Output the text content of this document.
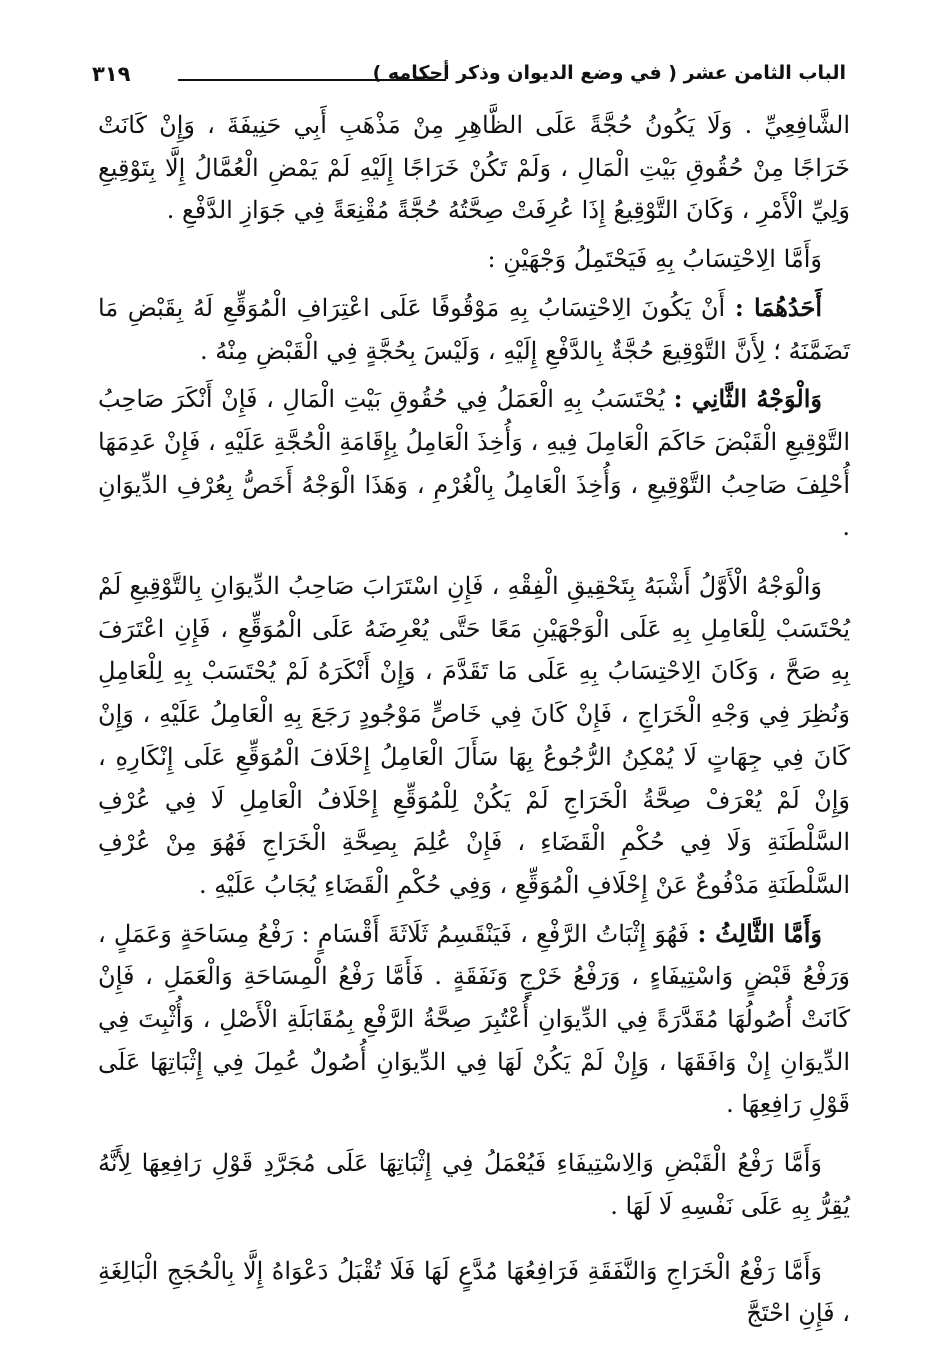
الباب الثامن عشر ( في وضع الديوان وذكر أحكامه )
٣١٩

الشَّافِعِيِّ . وَلَا يَكُونُ حُجَّةً عَلَى الظَّاهِرِ مِنْ مَذْهَبِ أَبِي حَنِيفَةَ ، وَإِنْ كَانَتْ خَرَاجًا مِنْ حُقُوقِ بَيْتِ الْمَالِ ، وَلَمْ تَكُنْ خَرَاجًا إِلَيْهِ لَمْ يَمْضِ الْعُمَّالُ إِلَّا بِتَوْقِيعِ وَلِيِّ الْأَمْرِ ، وَكَانَ التَّوْقِيعُ إِذَا عُرِفَتْ صِحَّتُهُ حُجَّةً مُقْنِعَةً فِي جَوَازِ الدَّفْعِ .

وَأَمَّا الِاحْتِسَابُ بِهِ فَيَحْتَمِلُ وَجْهَيْنِ :

أَحَدُهُمَا : أَنْ يَكُونَ الِاحْتِسَابُ بِهِ مَوْقُوفًا عَلَى اعْتِرَافِ الْمُوَقِّعِ لَهُ بِقَبْضِ مَا تَضَمَّنَهُ ؛ لِأَنَّ التَّوْقِيعَ حُجَّةٌ بِالدَّفْعِ إِلَيْهِ ، وَلَيْسَ بِحُجَّةٍ فِي الْقَبْضِ مِنْهُ .

وَالْوَجْهُ الثَّانِي : يُحْتَسَبُ بِهِ الْعَمَلُ فِي حُقُوقِ بَيْتِ الْمَالِ ، فَإِنْ أَنْكَرَ صَاحِبُ التَّوْقِيعِ الْقَبْضَ حَاكَمَ الْعَامِلَ فِيهِ ، وَأُخِذَ الْعَامِلُ بِإِقَامَةِ الْحُجَّةِ عَلَيْهِ ، فَإِنْ عَدِمَهَا أُحْلِفَ صَاحِبُ التَّوْقِيعِ ، وَأُخِذَ الْعَامِلُ بِالْغُرْمِ ، وَهَذَا الْوَجْهُ أَخَصُّ بِعُرْفِ الدِّيوَانِ .

وَالْوَجْهُ الْأَوَّلُ أَشْبَهُ بِتَحْقِيقِ الْفِقْهِ ، فَإِنِ اسْتَرَابَ صَاحِبُ الدِّيوَانِ بِالتَّوْقِيعِ لَمْ يُحْتَسَبْ لِلْعَامِلِ بِهِ عَلَى الْوَجْهَيْنِ مَعًا حَتَّى يُعْرِضَهُ عَلَى الْمُوَقِّعِ ، فَإِنِ اعْتَرَفَ بِهِ صَحَّ ، وَكَانَ الِاحْتِسَابُ بِهِ عَلَى مَا تَقَدَّمَ ، وَإِنْ أَنْكَرَهُ لَمْ يُحْتَسَبْ بِهِ لِلْعَامِلِ وَنُظِرَ فِي وَجْهِ الْخَرَاجِ ، فَإِنْ كَانَ فِي خَاصٍّ مَوْجُودٍ رَجَعَ بِهِ الْعَامِلُ عَلَيْهِ ، وَإِنْ كَانَ فِي جِهَاتٍ لَا يُمْكِنُ الرُّجُوعُ بِهَا سَأَلَ الْعَامِلُ إِحْلَافَ الْمُوَقِّعِ عَلَى إِنْكَارِهِ ، وَإِنْ لَمْ يُعْرَفْ صِحَّةُ الْخَرَاجِ لَمْ يَكُنْ لِلْمُوَقِّعِ إِحْلَافُ الْعَامِلِ لَا فِي عُرْفِ السَّلْطَنَةِ وَلَا فِي حُكْمِ الْقَضَاءِ ، فَإِنْ عُلِمَ بِصِحَّةِ الْخَرَاجِ فَهُوَ مِنْ عُرْفِ السَّلْطَنَةِ مَدْفُوعٌ عَنْ إِحْلَافِ الْمُوَقِّعِ ، وَفِي حُكْمِ الْقَضَاءِ يُجَابُ عَلَيْهِ .

وَأَمَّا الثَّالِثُ : فَهُوَ إِثْبَاتُ الرَّفْعِ ، فَيَنْقَسِمُ ثَلَاثَةَ أَقْسَامٍ : رَفْعُ مِسَاحَةٍ وَعَمَلٍ ، وَرَفْعُ قَبْضٍ وَاسْتِيفَاءٍ ، وَرَفْعُ خَرْجٍ وَنَفَقَةٍ . فَأَمَّا رَفْعُ الْمِسَاحَةِ وَالْعَمَلِ ، فَإِنْ كَانَتْ أُصُولُهَا مُقَدَّرَةً فِي الدِّيوَانِ أُعْتُبِرَ صِحَّةُ الرَّفْعِ بِمُقَابَلَةِ الْأَصْلِ ، وَأُثْبِتَ فِي الدِّيوَانِ إِنْ وَافَقَهَا ، وَإِنْ لَمْ يَكُنْ لَهَا فِي الدِّيوَانِ أُصُولٌ عُمِلَ فِي إِثْبَاتِهَا عَلَى قَوْلِ رَافِعِهَا .

وَأَمَّا رَفْعُ الْقَبْضِ وَالِاسْتِيفَاءِ فَيُعْمَلُ فِي إِثْبَاتِهَا عَلَى مُجَرَّدِ قَوْلِ رَافِعِهَا لِأَنَّهُ يُقِرُّ بِهِ عَلَى نَفْسِهِ لَا لَهَا .

وَأَمَّا رَفْعُ الْخَرَاجِ وَالنَّفَقَةِ فَرَافِعُهَا مُدَّعٍ لَهَا فَلَا تُقْبَلُ دَعْوَاهُ إِلَّا بِالْحُجَجِ الْبَالِغَةِ ، فَإِنِ احْتَجَّ
